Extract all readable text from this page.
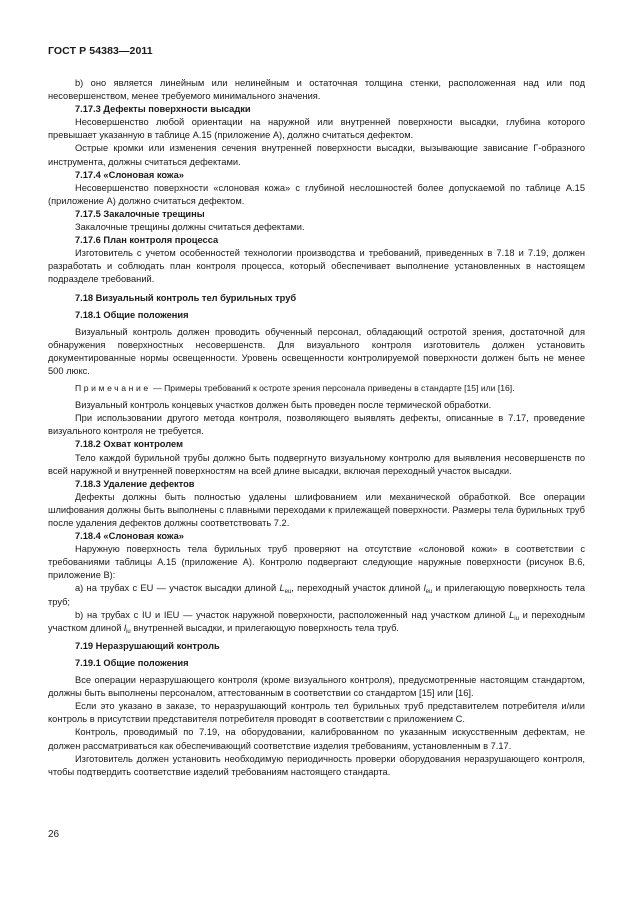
ГОСТ Р 54383—2011

b) оно является линейным или нелинейным и остаточная толщина стенки, расположенная над или под несовершенством, менее требуемого минимального значения.

7.17.3 Дефекты поверхности высадки

Несовершенство любой ориентации на наружной или внутренней поверхности высадки, глубина которого превышает указанную в таблице А.15 (приложение А), должно считаться дефектом.

Острые кромки или изменения сечения внутренней поверхности высадки, вызывающие зависание Г-образного инструмента, должны считаться дефектами.

7.17.4 «Слоновая кожа»

Несовершенство поверхности «слоновая кожа» с глубиной неслошностей более допускаемой по таблице А.15 (приложение А) должно считаться дефектом.

7.17.5 Закалочные трещины

Закалочные трещины должны считаться дефектами.

7.17.6 План контроля процесса

Изготовитель с учетом особенностей технологии производства и требований, приведенных в 7.18 и 7.19, должен разработать и соблюдать план контроля процесса, который обеспечивает выполнение установленных в настоящем подразделе требований.

7.18 Визуальный контроль тел бурильных труб

7.18.1 Общие положения

Визуальный контроль должен проводить обученный персонал, обладающий остротой зрения, достаточной для обнаружения поверхностных несовершенств. Для визуального контроля изготовитель должен установить документированные нормы освещенности. Уровень освещенности контролируемой поверхности должен быть не менее 500 люкс.

Примечание — Примеры требований к остроте зрения персонала приведены в стандарте [15] или [16].

Визуальный контроль концевых участков должен быть проведен после термической обработки.

При использовании другого метода контроля, позволяющего выявлять дефекты, описанные в 7.17, проведение визуального контроля не требуется.

7.18.2 Охват контролем

Тело каждой бурильной трубы должно быть подвергнуто визуальному контролю для выявления несовершенств по всей наружной и внутренней поверхностям на всей длине высадки, включая переходный участок высадки.

7.18.3 Удаление дефектов

Дефекты должны быть полностью удалены шлифованием или механической обработкой. Все операции шлифования должны быть выполнены с плавными переходами к прилежащей поверхности. Размеры тела бурильных труб после удаления дефектов должны соответствовать 7.2.

7.18.4 «Слоновая кожа»

Наружную поверхность тела бурильных труб проверяют на отсутствие «слоновой кожи» в соответствии с требованиями таблицы А.15 (приложение А). Контролю подвергают следующие наружные поверхности (рисунок В.6, приложение В):

а) на трубах с EU — участок высадки длиной $L_{eu}$, переходный участок длиной $l_{eu}$ и прилегающую поверхность тела труб;

b) на трубах с IU и IEU — участок наружной поверхности, расположенный над участком длиной $L_{iu}$ и переходным участком длиной $l_{iu}$ внутренней высадки, и прилегающую поверхность тела труб.

7.19 Неразрушающий контроль

7.19.1 Общие положения

Все операции неразрушающего контроля (кроме визуального контроля), предусмотренные настоящим стандартом, должны быть выполнены персоналом, аттестованным в соответствии со стандартом [15] или [16].

Если это указано в заказе, то неразрушающий контроль тел бурильных труб представителем потребителя и/или контроль в присутствии представителя потребителя проводят в соответствии с приложением С.

Контроль, проводимый по 7.19, на оборудовании, калиброванном по указанным искусственным дефектам, не должен рассматриваться как обеспечивающий соответствие изделия требованиям, установленным в 7.17.

Изготовитель должен установить необходимую периодичность проверки оборудования неразрушающего контроля, чтобы подтвердить соответствие изделий требованиям настоящего стандарта.

26
